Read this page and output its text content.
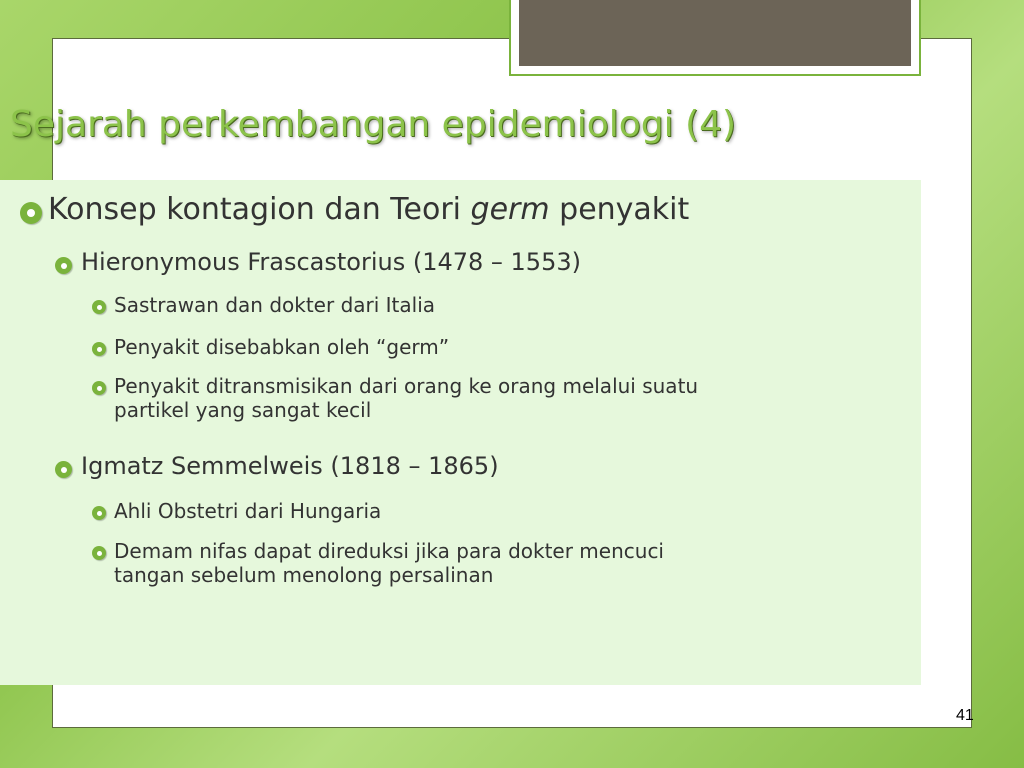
Sejarah perkembangan epidemiologi (4)
Konsep kontagion dan Teori germ penyakit
Hieronymous Frascastorius (1478 – 1553)
Sastrawan dan dokter dari Italia
Penyakit disebabkan oleh “germ”
Penyakit ditransmisikan dari orang ke orang melalui suatu
partikel yang sangat kecil
Igmatz Semmelweis (1818 – 1865)
Ahli Obstetri dari Hungaria
Demam nifas dapat direduksi jika para dokter mencuci
tangan sebelum menolong persalinan
41
